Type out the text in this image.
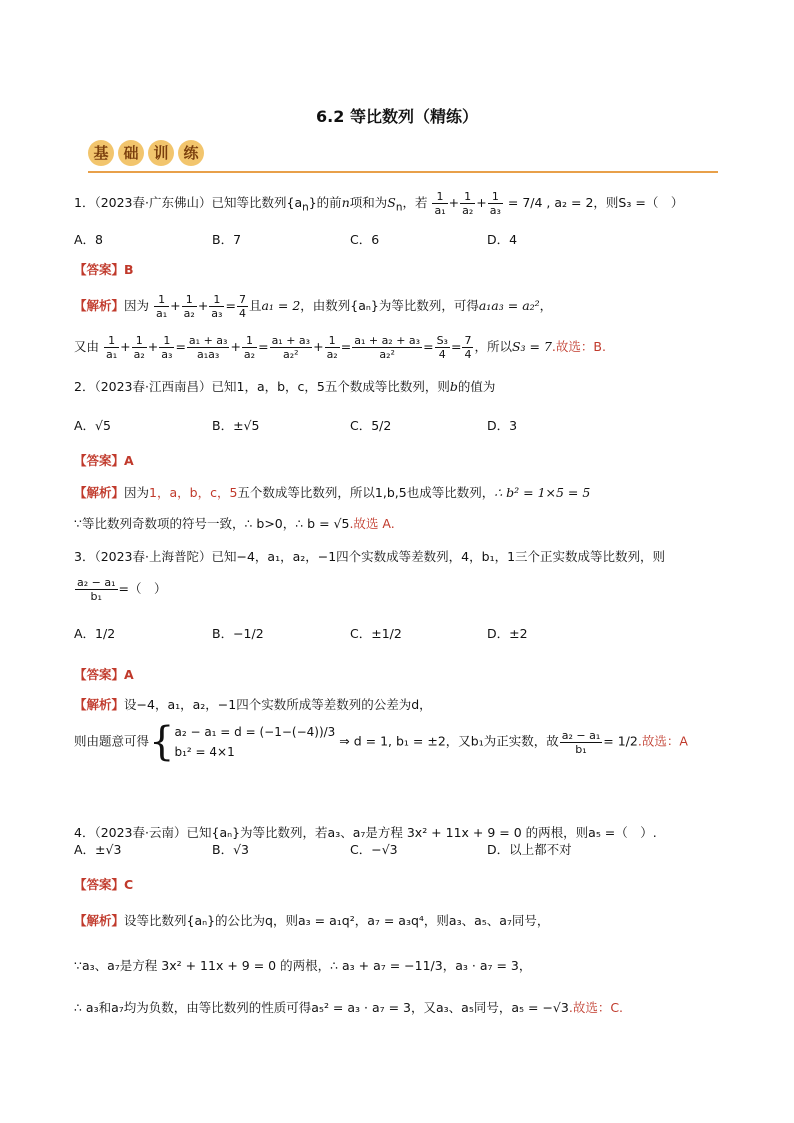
6.2 等比数列（精练）
基 础 训 练
1．（2023春·广东佛山）已知等比数列$\{a_n\}$的前n项和为$S_n$，若 $\frac{1}{\text{a₁}} + \frac{1}{\text{a₂}} + \frac{1}{\text{a₃}} = 7/4$ , a₂ = 2，则S₃ =（　）
A．8	B．7	C．6	D．4
【答案】B
【解析】因为 $\frac{1}{\text{a₁}} + \frac{1}{\text{a₂}} + \frac{1}{\text{a₃}} = \frac{7}{4}$ 且a₁ = 2，由数列{aₙ}为等比数列，可得a₁a₃ = a₂²，
又由 $\frac{1}{\text{a₁}} + \frac{1}{\text{a₂}} + \frac{1}{\text{a₃}} = \frac{\text{a₁ + a₃}}{\text{a₁a₃}} + \frac{1}{\text{a₂}} = \frac{\text{a₁ + a₃}}{\text{a₂²}} + \frac{1}{\text{a₂}} = \frac{\text{a₁ + a₂ + a₃}}{\text{a₂²}} = \frac{\text{S₃}}{4} = \frac{7}{4}$ ，所以S₃ = 7.故选：B.
2．（2023春·江西南昌）已知1，a，b，c，5五个数成等比数列，则b的值为
A．√5	B．±√5	C．5/2	D．3
【答案】A
【解析】因为1，a，b，c，5五个数成等比数列，所以1,b,5也成等比数列，∴ b² = 1×5 = 5
∵等比数列奇数项的符号一致，∴ b>0，∴ b = √5.故选 A.
3．（2023春·上海普陀）已知−4，a₁，a₂，−1四个实数成等差数列，4，b₁，1三个正实数成等比数列，则
$\frac{\text{a₂ − a₁}}{\text{b₁}}$ =（　）
A．1/2	B．−1/2	C．±1/2	D．±2
【答案】A
【解析】设−4，a₁，a₂，−1四个实数所成等差数列的公差为d，
则由题意可得{a₂ − a₁ = d = (−1−(−4))/3
b₁² = 4×1 ⇒ d = 1, b₁ = ±2，又b₁为正实数，故 $\frac{\text{a₂ − a₁}}{\text{b₁}} = 1/2$.故选：A
4．（2023春·云南）已知{aₙ}为等比数列，若a₃、a₇是方程 3x² + 11x + 9 = 0 的两根，则a₅ =（　）.
A．±√3	B．√3	C．−√3	D．以上都不对
【答案】C
【解析】设等比数列{aₙ}的公比为q，则a₃ = a₁q²，a₇ = a₃q⁴，则a₃、a₅、a₇同号，
∵a₃、a₇是方程 3x² + 11x + 9 = 0 的两根，∴ a₃ + a₇ = −11/3，a₃ · a₇ = 3，
∴ a₃和a₇均为负数，由等比数列的性质可得a₅² = a₃ · a₇ = 3，又a₃、a₅同号，a₅ = −√3.故选：C.
